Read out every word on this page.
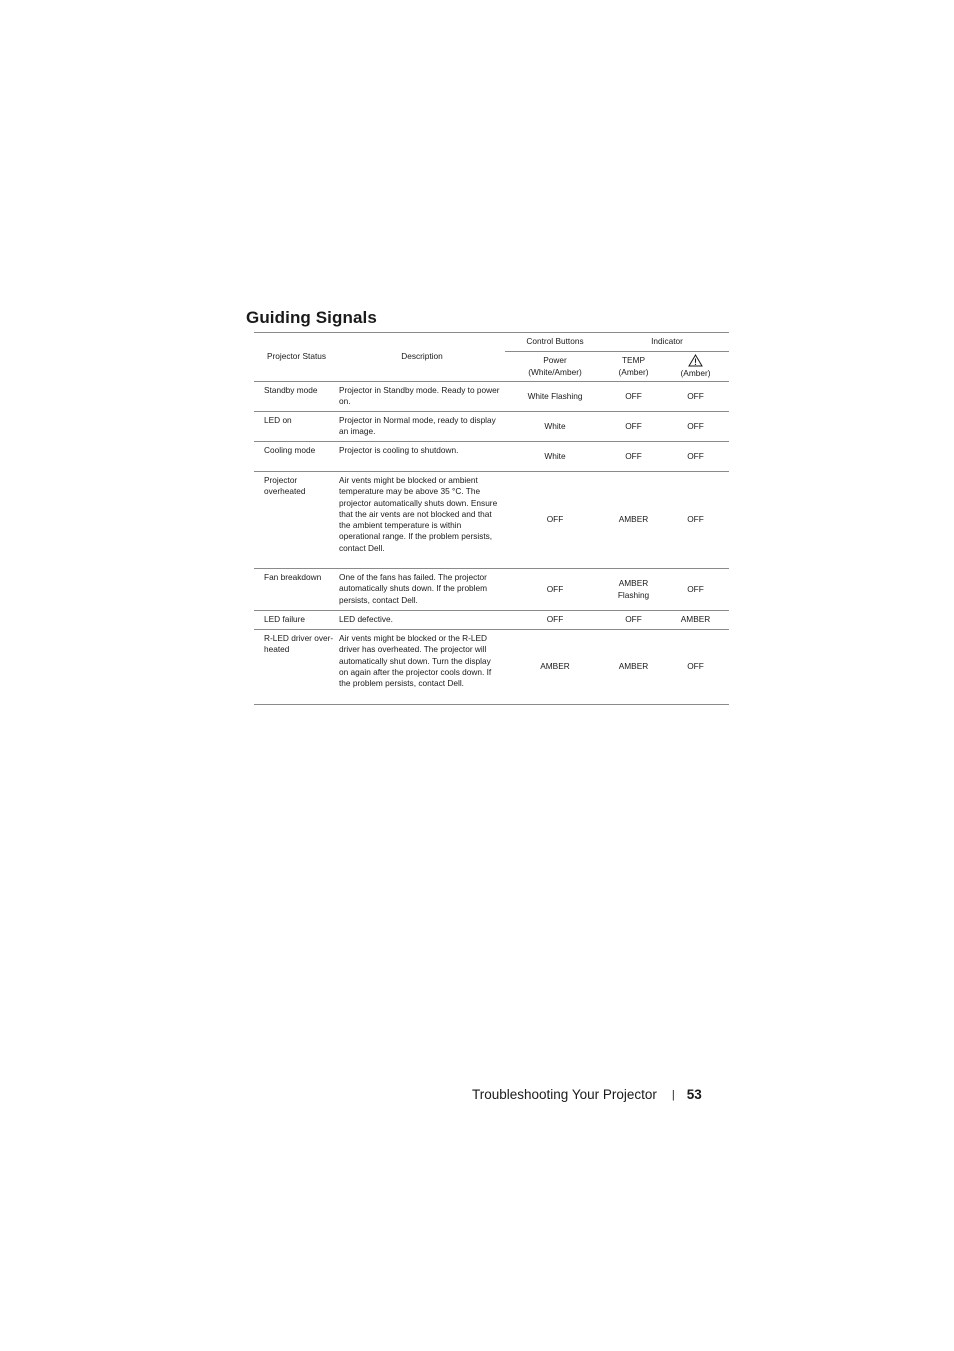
Guiding Signals
Projector Status	Description	Control Buttons	Indicator	
		Power (White/Amber)	TEMP (Amber)	(Amber)
Standby mode	Projector in Standby mode. Ready to power on.	White Flashing	OFF	OFF
LED on	Projector in Normal mode, ready to display an image.	White	OFF	OFF
Cooling mode	Projector is cooling to shutdown.	White	OFF	OFF
Projector overheated	Air vents might be blocked or ambient temperature may be above 35 °C. The projector automatically shuts down. Ensure that the air vents are not blocked and that the ambient temperature is within operational range. If the problem persists, contact Dell.	OFF	AMBER	OFF
Fan breakdown	One of the fans has failed. The projector automatically shuts down. If the problem persists, contact Dell.	OFF	AMBER Flashing	OFF
LED failure	LED defective.	OFF	OFF	AMBER
R-LED driver over-heated	Air vents might be blocked or the R-LED driver has overheated. The projector will automatically shut down. Turn the display on again after the projector cools down. If the problem persists, contact Dell.	AMBER	AMBER	OFF
Troubleshooting Your Projector | 53
